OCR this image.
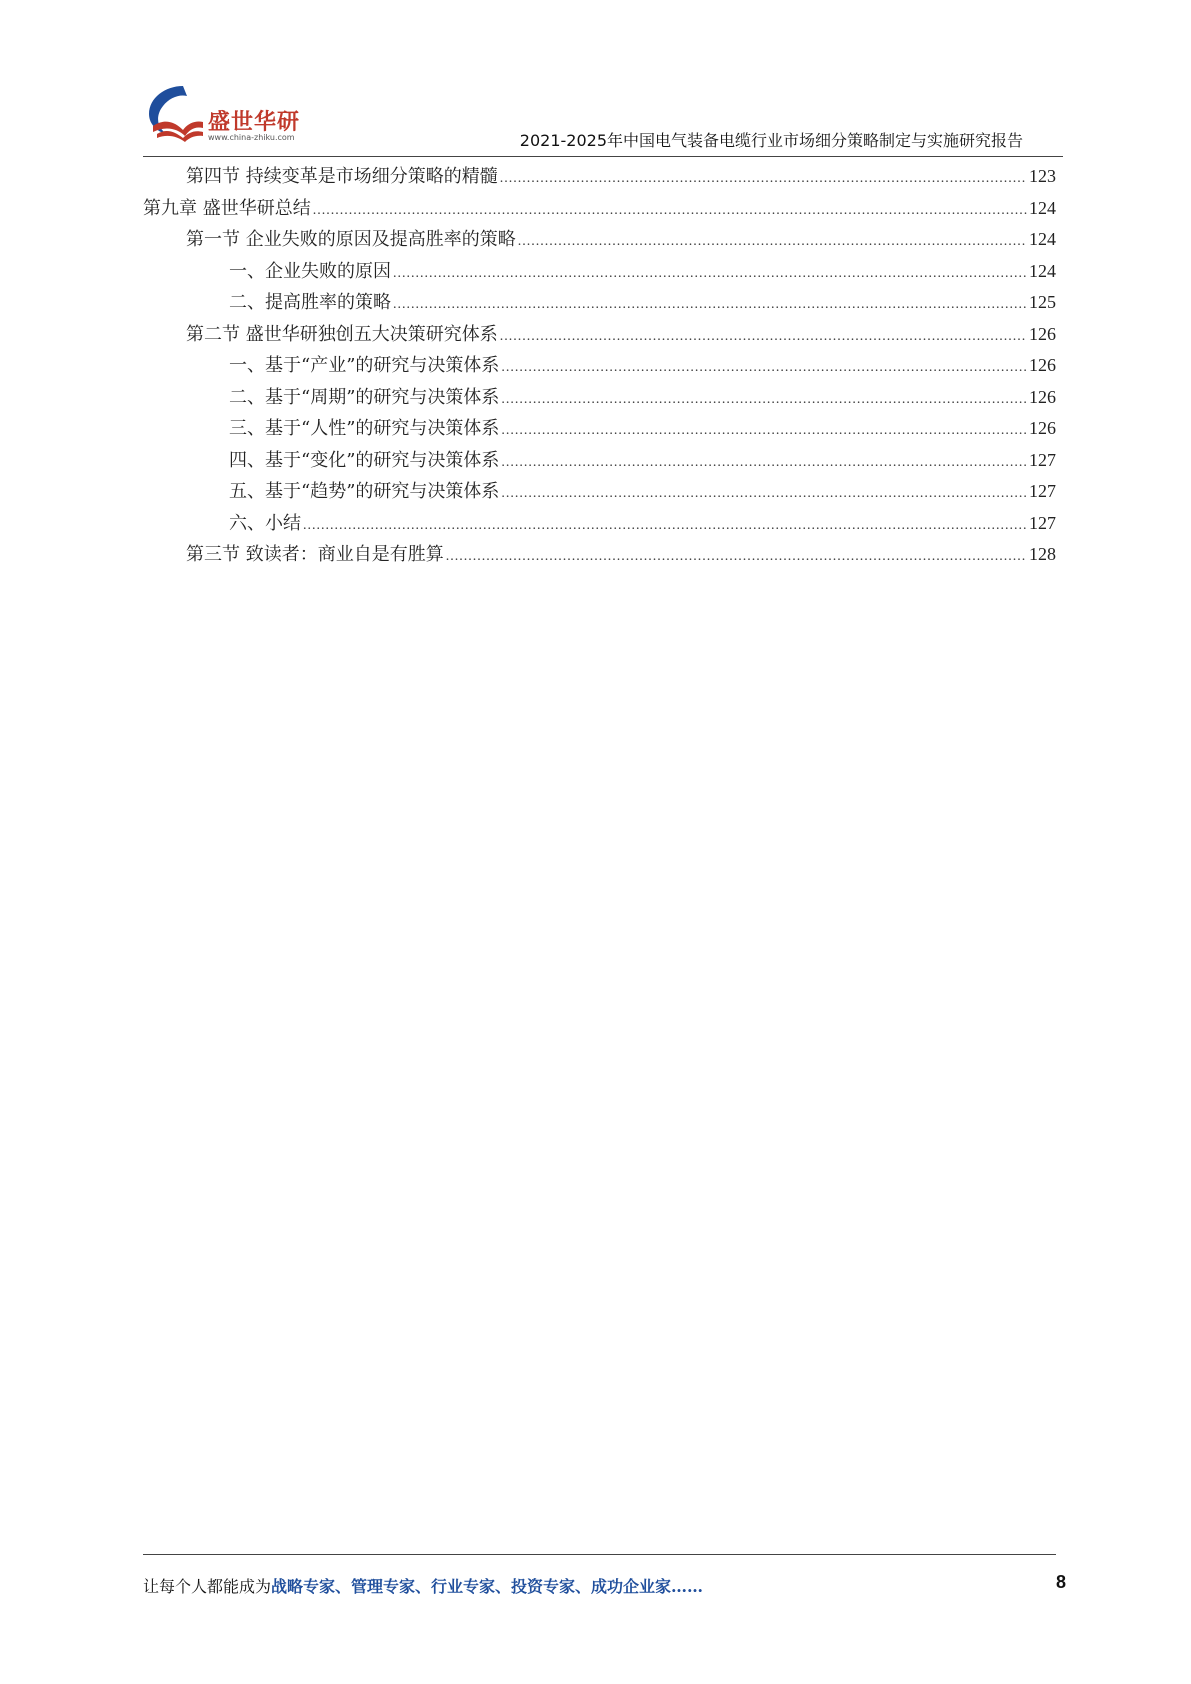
盛世华研
www.china-zhiku.com	2021-2025年中国电气装备电缆行业市场细分策略制定与实施研究报告
第四节 持续变革是市场细分策略的精髓 .....	123
第九章 盛世华研总结 .....	124
第一节 企业失败的原因及提高胜率的策略 .....	124
一、企业失败的原因 .....	124
二、提高胜率的策略 .....	125
第二节 盛世华研独创五大决策研究体系 .....	126
一、基于“产业”的研究与决策体系 .....	126
二、基于“周期”的研究与决策体系 .....	126
三、基于“人性”的研究与决策体系 .....	126
四、基于“变化”的研究与决策体系 .....	127
五、基于“趋势”的研究与决策体系 .....	127
六、小结 .....	127
第三节 致读者：商业自是有胜算 .....	128
让每个人都能成为战略专家、管理专家、行业专家、投资专家、成功企业家……	8
